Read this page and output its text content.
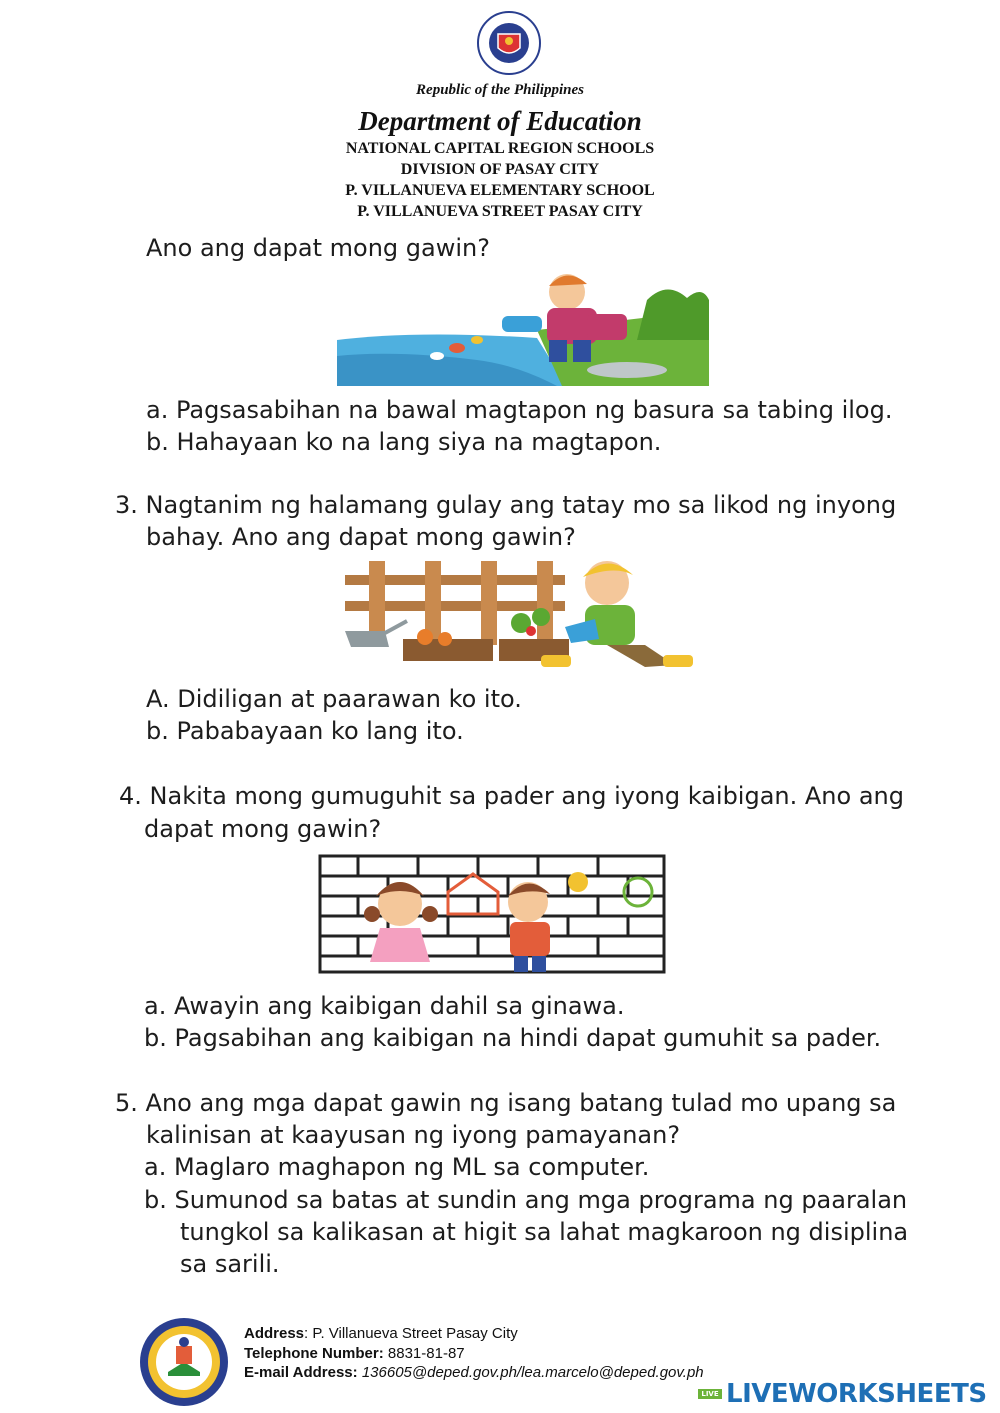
Republic of the Philippines
Department of Education
NATIONAL CAPITAL REGION SCHOOLS
DIVISION OF PASAY CITY
P. VILLANUEVA ELEMENTARY SCHOOL
P. VILLANUEVA STREET PASAY CITY
Ano ang dapat mong gawin?
a. Pagsasabihan na bawal magtapon ng basura sa tabing ilog.
b. Hahayaan ko na lang siya na magtapon.
3. Nagtanim ng halamang gulay ang tatay mo sa likod ng inyong
bahay. Ano ang dapat mong gawin?
A. Didiligan at paarawan ko ito.
b. Pababayaan ko lang ito.
4. Nakita mong gumuguhit sa pader ang iyong kaibigan. Ano ang
dapat mong gawin?
a. Awayin ang kaibigan dahil sa ginawa.
b. Pagsabihan ang kaibigan na hindi dapat gumuhit sa pader.
5. Ano ang mga dapat gawin ng isang batang tulad mo upang sa
kalinisan at kaayusan ng iyong pamayanan?
a. Maglaro maghapon ng ML sa computer.
b. Sumunod sa batas at sundin ang mga programa ng paaralan
tungkol sa kalikasan at higit sa lahat magkaroon ng disiplina
sa sarili.
Address: P. Villanueva Street Pasay City
Telephone Number: 8831-81-87
E-mail Address: 136605@deped.gov.ph/lea.marcelo@deped.gov.ph
LIVE LIVEWORKSHEETS
